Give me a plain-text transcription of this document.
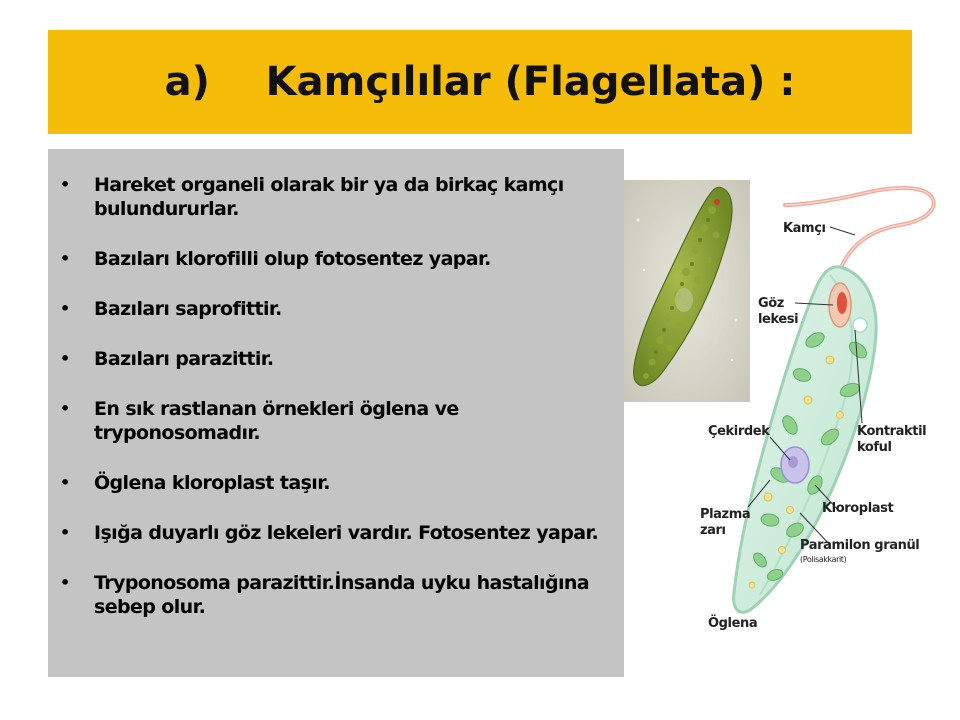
a)    Kamçılılar (Flagellata) :
• Hareket organeli olarak bir ya da birkaç kamçı bulundururlar.
• Bazıları klorofilli olup fotosentez yapar.
• Bazıları saprofittir.
• Bazıları parazittir.
• En sık rastlanan örnekleri öglena ve tryponosomadır.
• Öglena kloroplast taşır.
• Işığa duyarlı göz lekeleri vardır. Fotosentez yapar.
• Tryponosoma parazittir.İnsanda uyku hastalığına sebep olur.
Kamçı
Göz
lekesi
Çekirdek	Kontraktil
koful
Plazma
zarı
Kloroplast
Paramilon granül
(Polisakkarit)
Öglena
